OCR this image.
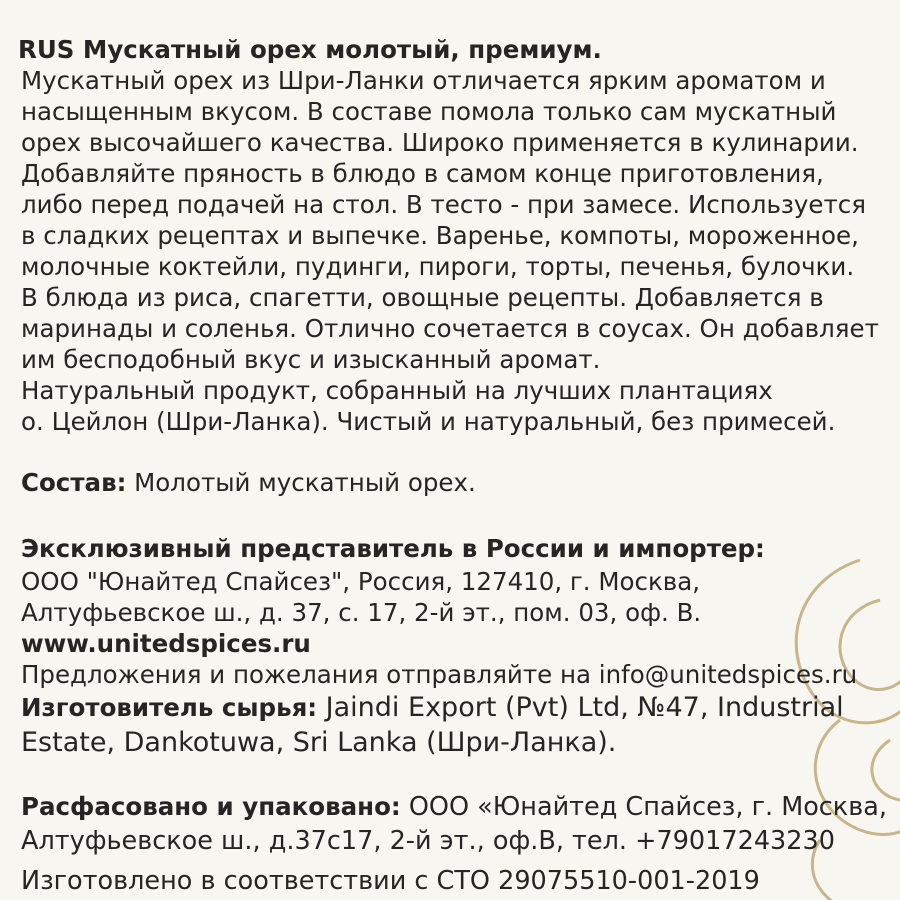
RUS Мускатный орех молотый, премиум.
Мускатный орех из Шри-Ланки отличается ярким ароматом и
насыщенным вкусом. В составе помола только сам мускатный
орех высочайшего качества. Широко применяется в кулинарии.
Добавляйте пряность в блюдо в самом конце приготовления,
либо перед подачей на стол. В тесто - при замесе. Используется
в сладких рецептах и выпечке. Варенье, компоты, мороженное,
молочные коктейли, пудинги, пироги, торты, печенья, булочки.
В блюда из риса, спагетти, овощные рецепты. Добавляется в
маринады и соленья. Отлично сочетается в соусах. Он добавляет
им бесподобный вкус и изысканный аромат.
Натуральный продукт, собранный на лучших плантациях
о. Цейлон (Шри-Ланка). Чистый и натуральный, без примесей.
Состав: Молотый мускатный орех.
Эксклюзивный представитель в России и импортер:
ООО "Юнайтед Спайсез", Россия, 127410, г. Москва,
Алтуфьевское ш., д. 37, с. 17, 2-й эт., пом. 03, оф. В.
www.unitedspices.ru
Предложения и пожелания отправляйте на info@unitedspices.ru
Изготовитель сырья: Jaindi Export (Pvt) Ltd, №47, Industrial
Estate, Dankotuwa, Sri Lanka (Шри-Ланка).
Расфасовано и упаковано: ООО «Юнайтед Спайсез, г. Москва,
Алтуфьевское ш., д.37с17, 2-й эт., оф.В, тел. +79017243230
Изготовлено в соответствии с СТО 29075510-001-2019
